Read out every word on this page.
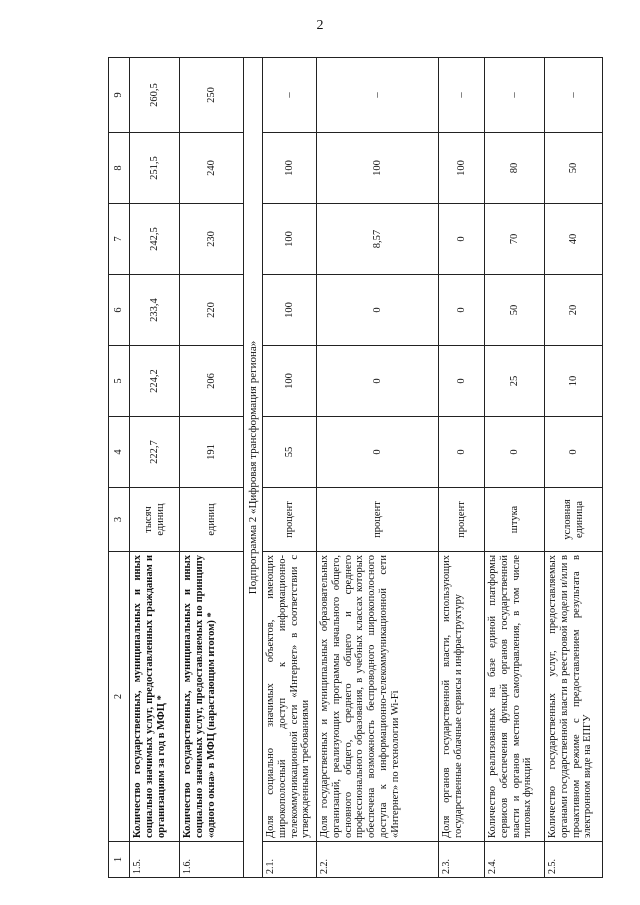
2
1	2	3	4	5	6	7	8	9
1.5.	Количество государственных, муниципальных и иных социально значимых услуг, предоставленных гражданам и организациям за год в МФЦ *	тысяч единиц	222,7	224,2	233,4	242,5	251,5	260,5
1.6.	Количество государственных, муниципальных и иных социально значимых услуг, предоставляемых по принципу «одного окна» в МФЦ (нарастающим итогом) *	единиц	191	206	220	230	240	250
Подпрограмма 2 «Цифровая трансформация региона»								
2.1.	Доля социально значимых объектов, имеющих широкополосный доступ к информационно-телекоммуникационной сети «Интернет» в соответствии с утвержденными требованиями	процент	55	100	100	100	100	–
2.2.	Доля государственных и муниципальных образовательных организаций, реализующих программы начального общего, основного общего, среднего общего и среднего профессионального образования, в учебных классах которых обеспечена возможность беспроводного широкополосного доступа к информационно-телекоммуникационной сети «Интернет» по технологии Wi-Fi	процент	0	0	0	8,57	100	–
2.3.	Доля органов государственной власти, использующих государственные облачные сервисы и инфраструктуру	процент	0	0	0	0	100	–
2.4.	Количество реализованных на базе единой платформы сервисов обеспечения функций органов государственной власти и органов местного самоуправления, в том числе типовых функций	штука	0	25	50	70	80	–
2.5.	Количество государственных услуг, предоставляемых органами государственной власти в реестровой модели и/или в проактивном режиме с предоставлением результата в электронном виде на ЕПГУ	условная единица	0	10	20	40	50	–
